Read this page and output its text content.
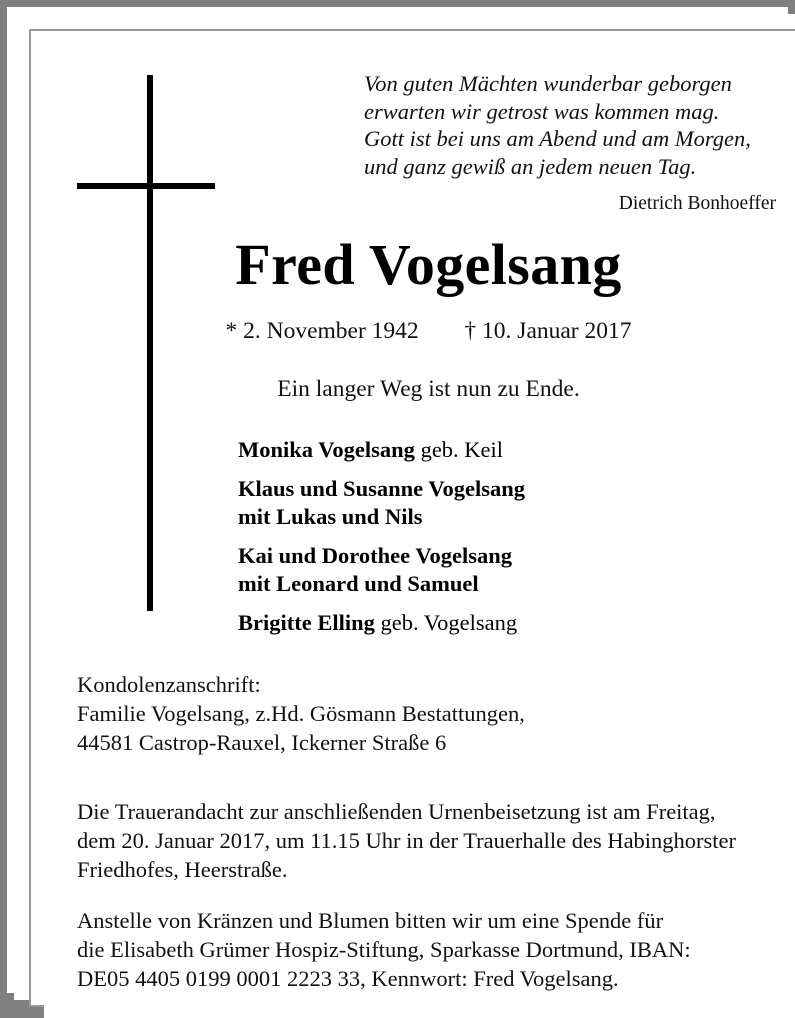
Von guten Mächten wunderbar geborgen
erwarten wir getrost was kommen mag.
Gott ist bei uns am Abend und am Morgen,
und ganz gewiß an jedem neuen Tag.
Dietrich Bonhoeffer
Fred Vogelsang
* 2. November 1942 † 10. Januar 2017
Ein langer Weg ist nun zu Ende.
Monika Vogelsang geb. Keil
Klaus und Susanne Vogelsang
mit Lukas und Nils
Kai und Dorothee Vogelsang
mit Leonard und Samuel
Brigitte Elling geb. Vogelsang
Kondolenzanschrift:
Familie Vogelsang, z.Hd. Gösmann Bestattungen,
44581 Castrop-Rauxel, Ickerner Straße 6
Die Trauerandacht zur anschließenden Urnenbeisetzung ist am Freitag,
dem 20. Januar 2017, um 11.15 Uhr in der Trauerhalle des Habinghorster
Friedhofes, Heerstraße.
Anstelle von Kränzen und Blumen bitten wir um eine Spende für
die Elisabeth Grümer Hospiz-Stiftung, Sparkasse Dortmund, IBAN:
DE05 4405 0199 0001 2223 33, Kennwort: Fred Vogelsang.
